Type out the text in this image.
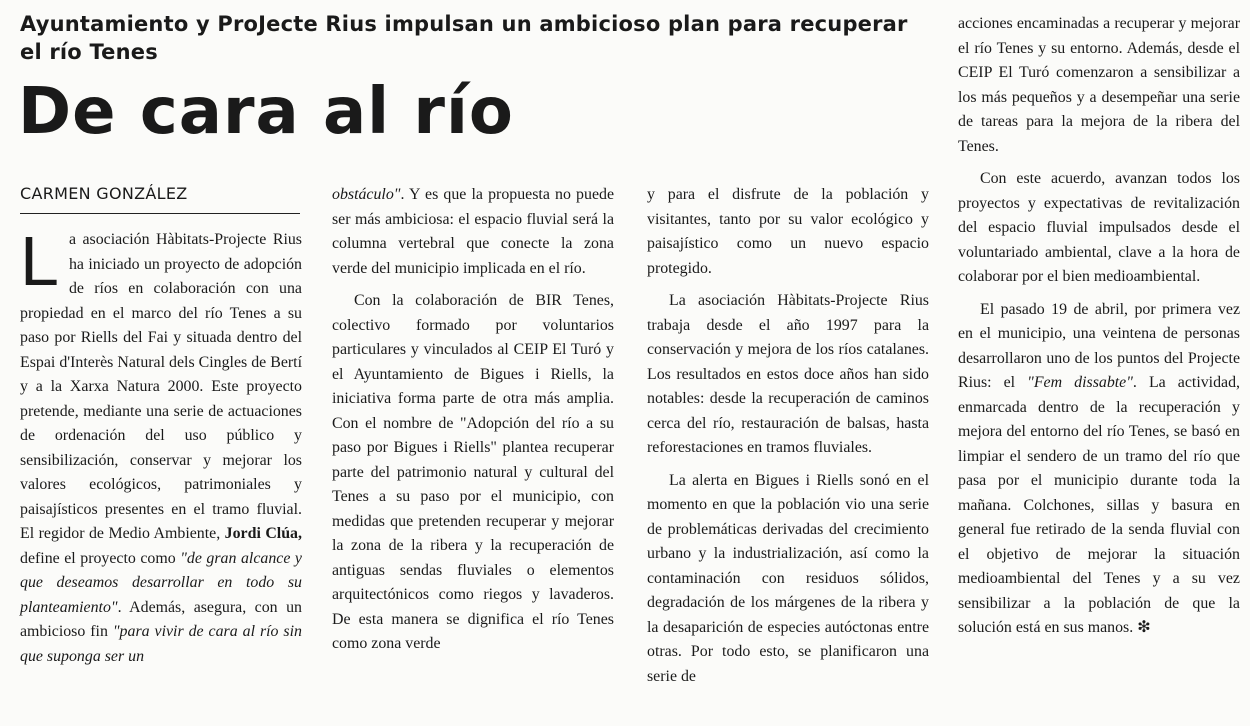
Ayuntamiento y ProJecte Rius impulsan un ambicioso plan para recuperar el río Tenes
De cara al río
CARMEN GONZÁLEZ

La asociación Hàbitats-Projecte Rius ha iniciado un proyecto de adopción de ríos en colaboración con una propiedad en el marco del río Tenes a su paso por Riells del Fai y situada dentro del Espai d'Interès Natural dels Cingles de Bertí y a la Xarxa Natura 2000. Este proyecto pretende, mediante una serie de actuaciones de ordenación del uso público y sensibilización, conservar y mejorar los valores ecológicos, patrimoniales y paisajísticos presentes en el tramo fluvial. El regidor de Medio Ambiente, Jordi Clúa, define el proyecto como "de gran alcance y que deseamos desarrollar en todo su planteamiento". Además, asegura, con un ambicioso fin "para vivir de cara al río sin que suponga ser un

obstáculo". Y es que la propuesta no puede ser más ambiciosa: el espacio fluvial será la columna vertebral que conecte la zona verde del municipio implicada en el río.

Con la colaboración de BIR Tenes, colectivo formado por voluntarios particulares y vinculados al CEIP El Turó y el Ayuntamiento de Bigues i Riells, la iniciativa forma parte de otra más amplia. Con el nombre de "Adopción del río a su paso por Bigues i Riells" plantea recuperar parte del patrimonio natural y cultural del Tenes a su paso por el municipio, con medidas que pretenden recuperar y mejorar la zona de la ribera y la recuperación de antiguas sendas fluviales o elementos arquitectónicos como riegos y lavaderos. De esta manera se dignifica el río Tenes como zona verde

y para el disfrute de la población y visitantes, tanto por su valor ecológico y paisajístico como un nuevo espacio protegido.

La asociación Hàbitats-Projecte Rius trabaja desde el año 1997 para la conservación y mejora de los ríos catalanes. Los resultados en estos doce años han sido notables: desde la recuperación de caminos cerca del río, restauración de balsas, hasta reforestaciones en tramos fluviales.

La alerta en Bigues i Riells sonó en el momento en que la población vio una serie de problemáticas derivadas del crecimiento urbano y la industrialización, así como la contaminación con residuos sólidos, degradación de los márgenes de la ribera y la desaparición de especies autóctonas entre otras. Por todo esto, se planificaron una serie de

acciones encaminadas a recuperar y mejorar el río Tenes y su entorno. Además, desde el CEIP El Turó comenzaron a sensibilizar a los más pequeños y a desempeñar una serie de tareas para la mejora de la ribera del Tenes.

Con este acuerdo, avanzan todos los proyectos y expectativas de revitalización del espacio fluvial impulsados desde el voluntariado ambiental, clave a la hora de colaborar por el bien medioambiental.

El pasado 19 de abril, por primera vez en el municipio, una veintena de personas desarrollaron uno de los puntos del Projecte Rius: el "Fem dissabte". La actividad, enmarcada dentro de la recuperación y mejora del entorno del río Tenes, se basó en limpiar el sendero de un tramo del río que pasa por el municipio durante toda la mañana. Colchones, sillas y basura en general fue retirado de la senda fluvial con el objetivo de mejorar la situación medioambiental del Tenes y a su vez sensibilizar a la población de que la solución está en sus manos. ❇
